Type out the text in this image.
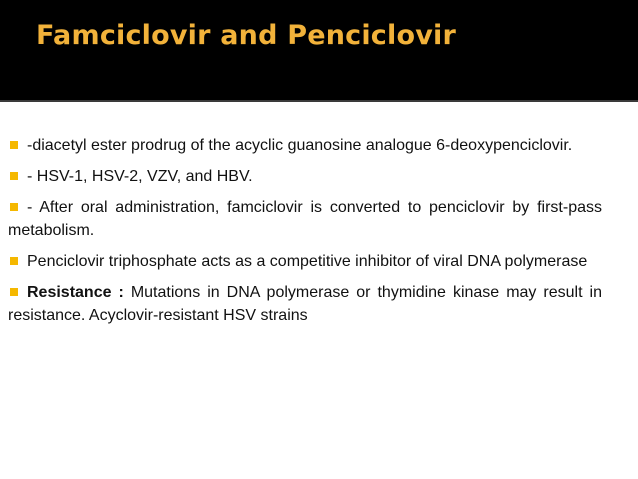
Famciclovir and Penciclovir

-diacetyl ester prodrug of the acyclic guanosine analogue 6-deoxypenciclovir.

- HSV-1, HSV-2, VZV, and HBV.

- After oral administration, famciclovir is converted to penciclovir by first-pass metabolism.

Penciclovir triphosphate acts as a competitive inhibitor of viral DNA polymerase

Resistance : Mutations in DNA polymerase or thymidine kinase may result in resistance. Acyclovir-resistant HSV strains
